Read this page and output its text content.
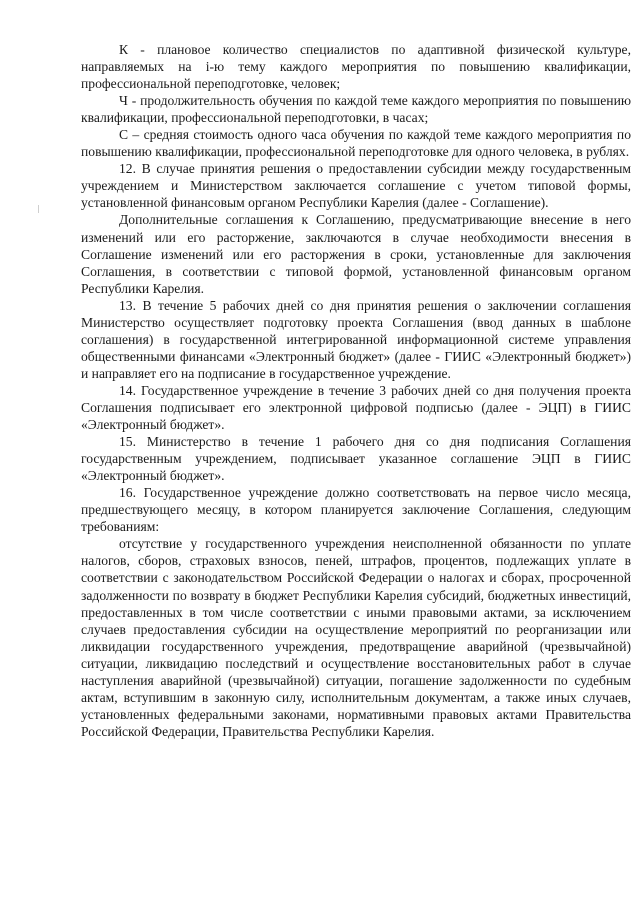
К - плановое количество специалистов по адаптивной физической культуре, направляемых на i-ю тему каждого мероприятия по повышению квалификации, профессиональной переподготовке, человек;

Ч - продолжительность обучения по каждой теме каждого мероприятия по повышению квалификации, профессиональной переподготовки, в часах;

С – средняя стоимость одного часа обучения по каждой теме каждого мероприятия по повышению квалификации, профессиональной переподготовке для одного человека, в рублях.

12. В случае принятия решения о предоставлении субсидии между государственным учреждением и Министерством заключается соглашение с учетом типовой формы, установленной финансовым органом Республики Карелия (далее - Соглашение).

Дополнительные соглашения к Соглашению, предусматривающие внесение в него изменений или его расторжение, заключаются в случае необходимости внесения в Соглашение изменений или его расторжения в сроки, установленные для заключения Соглашения, в соответствии с типовой формой, установленной финансовым органом Республики Карелия.

13. В течение 5 рабочих дней со дня принятия решения о заключении соглашения Министерство осуществляет подготовку проекта Соглашения (ввод данных в шаблоне соглашения) в государственной интегрированной информационной системе управления общественными финансами «Электронный бюджет» (далее - ГИИС «Электронный бюджет») и направляет его на подписание в государственное учреждение.

14. Государственное учреждение в течение 3 рабочих дней со дня получения проекта Соглашения подписывает его электронной цифровой подписью (далее - ЭЦП) в ГИИС «Электронный бюджет».

15. Министерство в течение 1 рабочего дня со дня подписания Соглашения государственным учреждением, подписывает указанное соглашение ЭЦП в ГИИС «Электронный бюджет».

16. Государственное учреждение должно соответствовать на первое число месяца, предшествующего месяцу, в котором планируется заключение Соглашения, следующим требованиям:

отсутствие у государственного учреждения неисполненной обязанности по уплате налогов, сборов, страховых взносов, пеней, штрафов, процентов, подлежащих уплате в соответствии с законодательством Российской Федерации о налогах и сборах, просроченной задолженности по возврату в бюджет Республики Карелия субсидий, бюджетных инвестиций, предоставленных в том числе соответствии с иными правовыми актами, за исключением случаев предоставления субсидии на осуществление мероприятий по реорганизации или ликвидации государственного учреждения, предотвращение аварийной (чрезвычайной) ситуации, ликвидацию последствий и осуществление восстановительных работ в случае наступления аварийной (чрезвычайной) ситуации, погашение задолженности по судебным актам, вступившим в законную силу, исполнительным документам, а также иных случаев, установленных федеральными законами, нормативными правовых актами Правительства Российской Федерации, Правительства Республики Карелия.
